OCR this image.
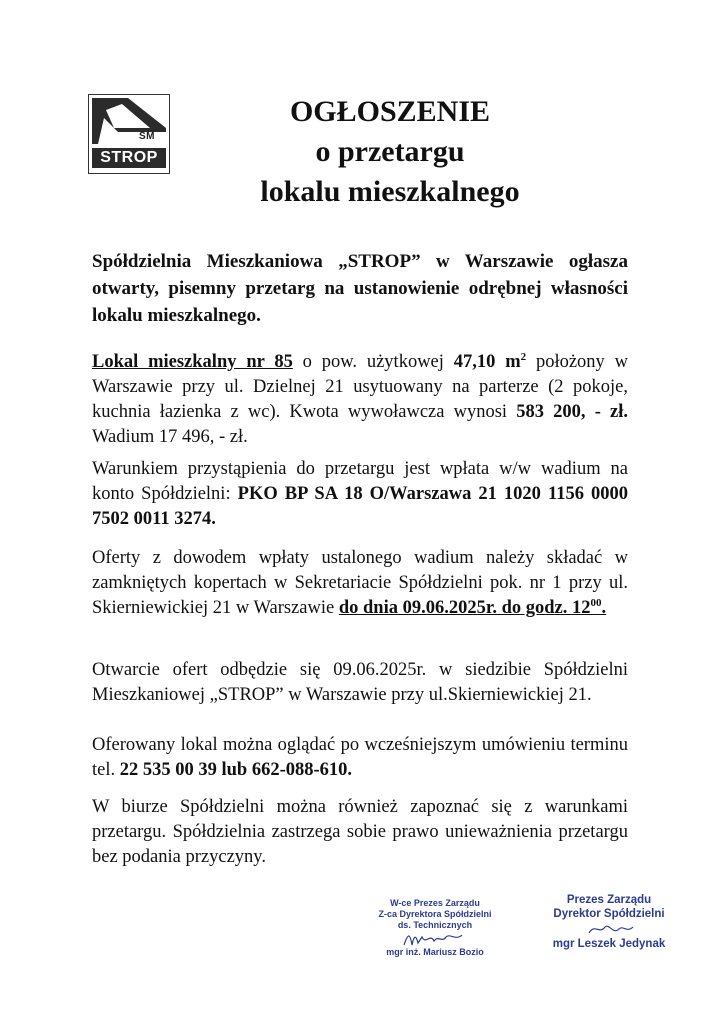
SM
STROP
OGŁOSZENIE
o przetargu
lokalu mieszkalnego
Spółdzielnia Mieszkaniowa „STROP” w Warszawie ogłasza otwarty, pisemny przetarg na ustanowienie odrębnej własności lokalu mieszkalnego.
Lokal mieszkalny nr 85 o pow. użytkowej 47,10 $m^2$ położony w Warszawie przy ul. Dzielnej 21 usytuowany na parterze (2 pokoje, kuchnia łazienka z wc). Kwota wywoławcza wynosi 583 200, - zł. Wadium 17 496, - zł.
Warunkiem przystąpienia do przetargu jest wpłata w/w wadium na konto Spółdzielni: PKO BP SA 18 O/Warszawa 21 1020 1156 0000 7502 0011 3274.
Oferty z dowodem wpłaty ustalonego wadium należy składać w zamkniętych kopertach w Sekretariacie Spółdzielni pok. nr 1 przy ul. Skierniewickiej 21 w Warszawie do dnia 09.06.2025r. do godz. $12^{00}$.
Otwarcie ofert odbędzie się 09.06.2025r. w siedzibie Spółdzielni Mieszkaniowej „STROP” w Warszawie przy ul.Skierniewickiej 21.
Oferowany lokal można oglądać po wcześniejszym umówieniu terminu tel. 22 535 00 39 lub 662-088-610.
W biurze Spółdzielni można również zapoznać się z warunkami przetargu. Spółdzielnia zastrzega sobie prawo unieważnienia przetargu bez podania przyczyny.
W-ce Prezes Zarządu
Z-ca Dyrektora Spółdzielni
ds. Technicznych
mgr inż. Mariusz Bozio
Prezes Zarządu
Dyrektor Spółdzielni
mgr Leszek Jedynak
